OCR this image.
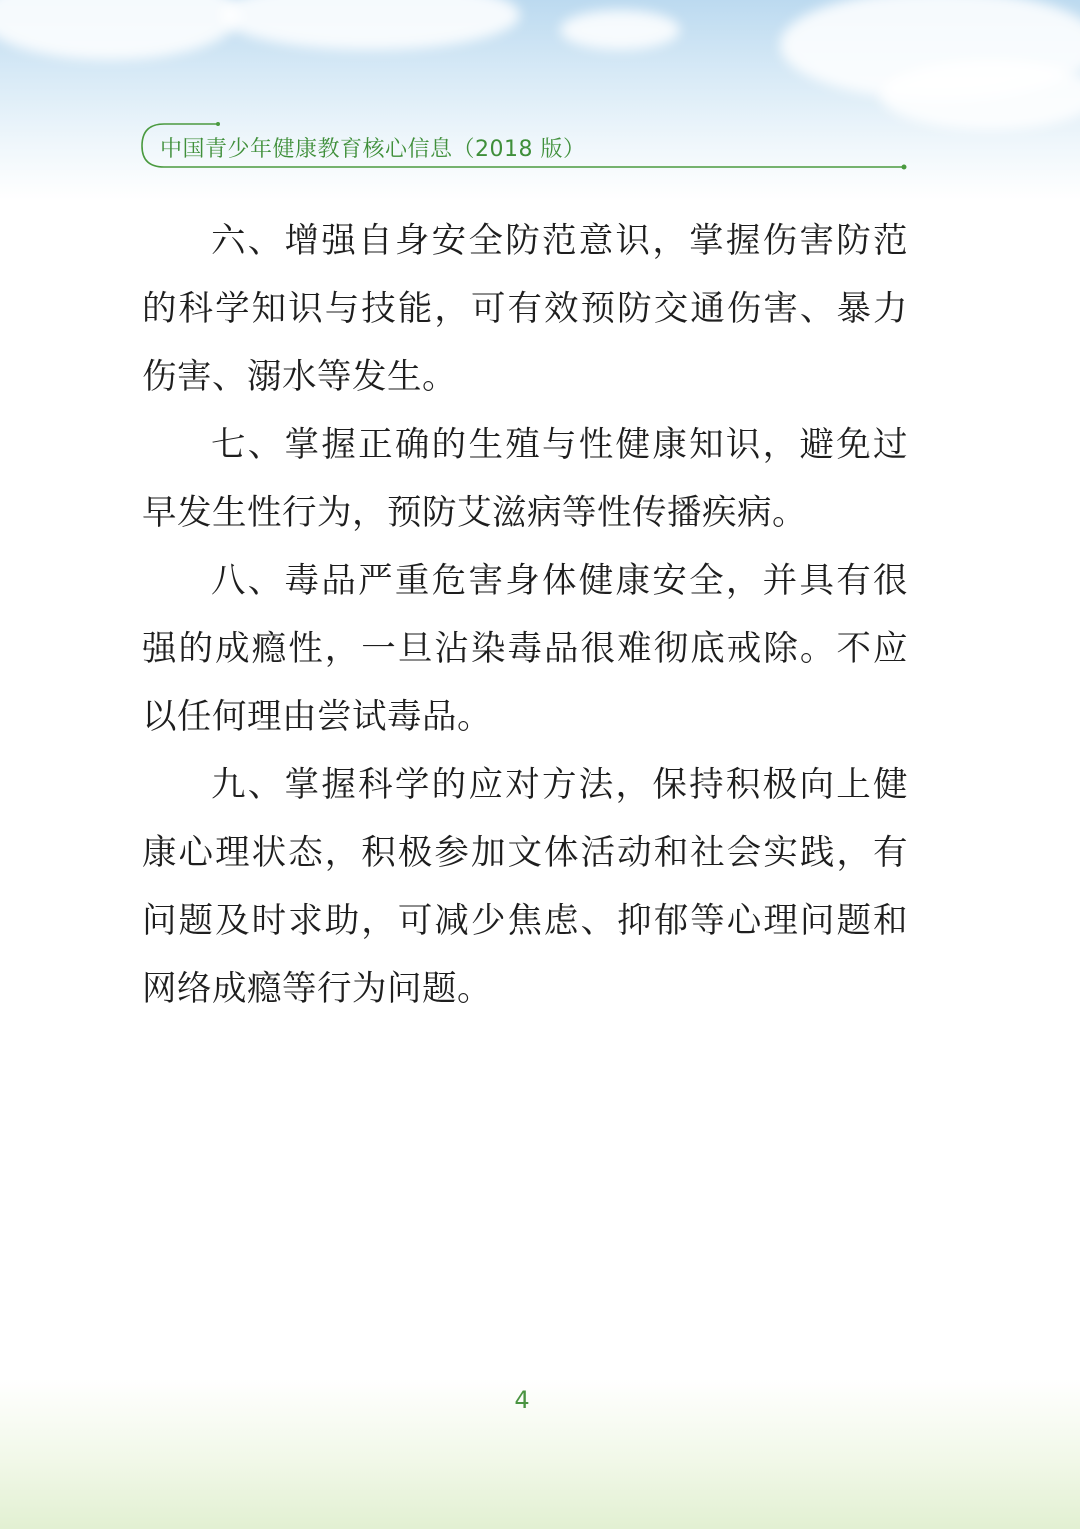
中国青少年健康教育核心信息（2018 版）

六、增强自身安全防范意识，掌握伤害防范的科学知识与技能，可有效预防交通伤害、暴力伤害、溺水等发生。

七、掌握正确的生殖与性健康知识，避免过早发生性行为，预防艾滋病等性传播疾病。

八、毒品严重危害身体健康安全，并具有很强的成瘾性，一旦沾染毒品很难彻底戒除。不应以任何理由尝试毒品。

九、掌握科学的应对方法，保持积极向上健康心理状态，积极参加文体活动和社会实践，有问题及时求助，可减少焦虑、抑郁等心理问题和网络成瘾等行为问题。

4
